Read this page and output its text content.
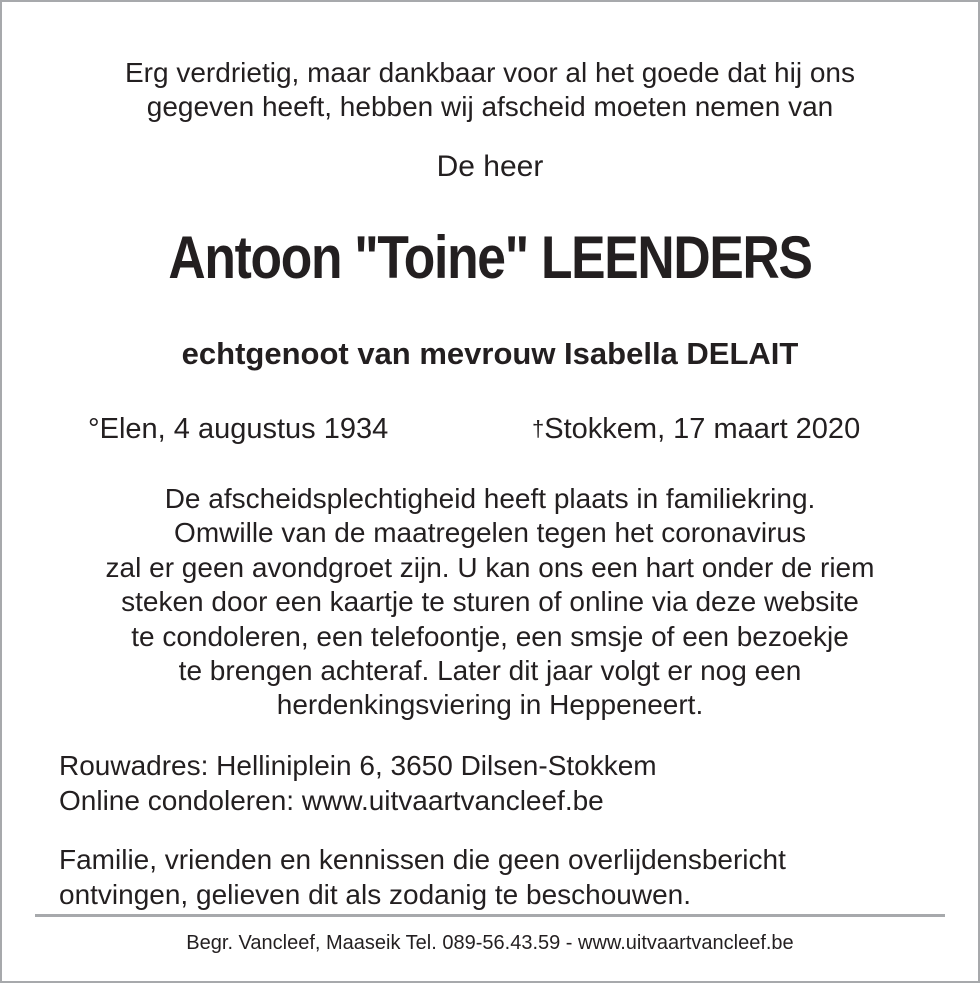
Erg verdrietig, maar dankbaar voor al het goede dat hij ons

gegeven heeft, hebben wij afscheid moeten nemen van

De heer
Antoon "Toine" LEENDERS
echtgenoot van mevrouw Isabella DELAIT
°Elen, 4 augustus 1934	†Stokkem, 17 maart 2020

De afscheidsplechtigheid heeft plaats in familiekring.

Omwille van de maatregelen tegen het coronavirus

zal er geen avondgroet zijn. U kan ons een hart onder de riem

steken door een kaartje te sturen of online via deze website

te condoleren, een telefoontje, een smsje of een bezoekje

te brengen achteraf. Later dit jaar volgt er nog een

herdenkingsviering in Heppeneert.

Rouwadres: Helliniplein 6, 3650 Dilsen-Stokkem

Online condoleren: www.uitvaartvancleef.be

Familie, vrienden en kennissen die geen overlijdensbericht

ontvingen, gelieven dit als zodanig te beschouwen.

Begr. Vancleef, Maaseik Tel. 089-56.43.59 - www.uitvaartvancleef.be
